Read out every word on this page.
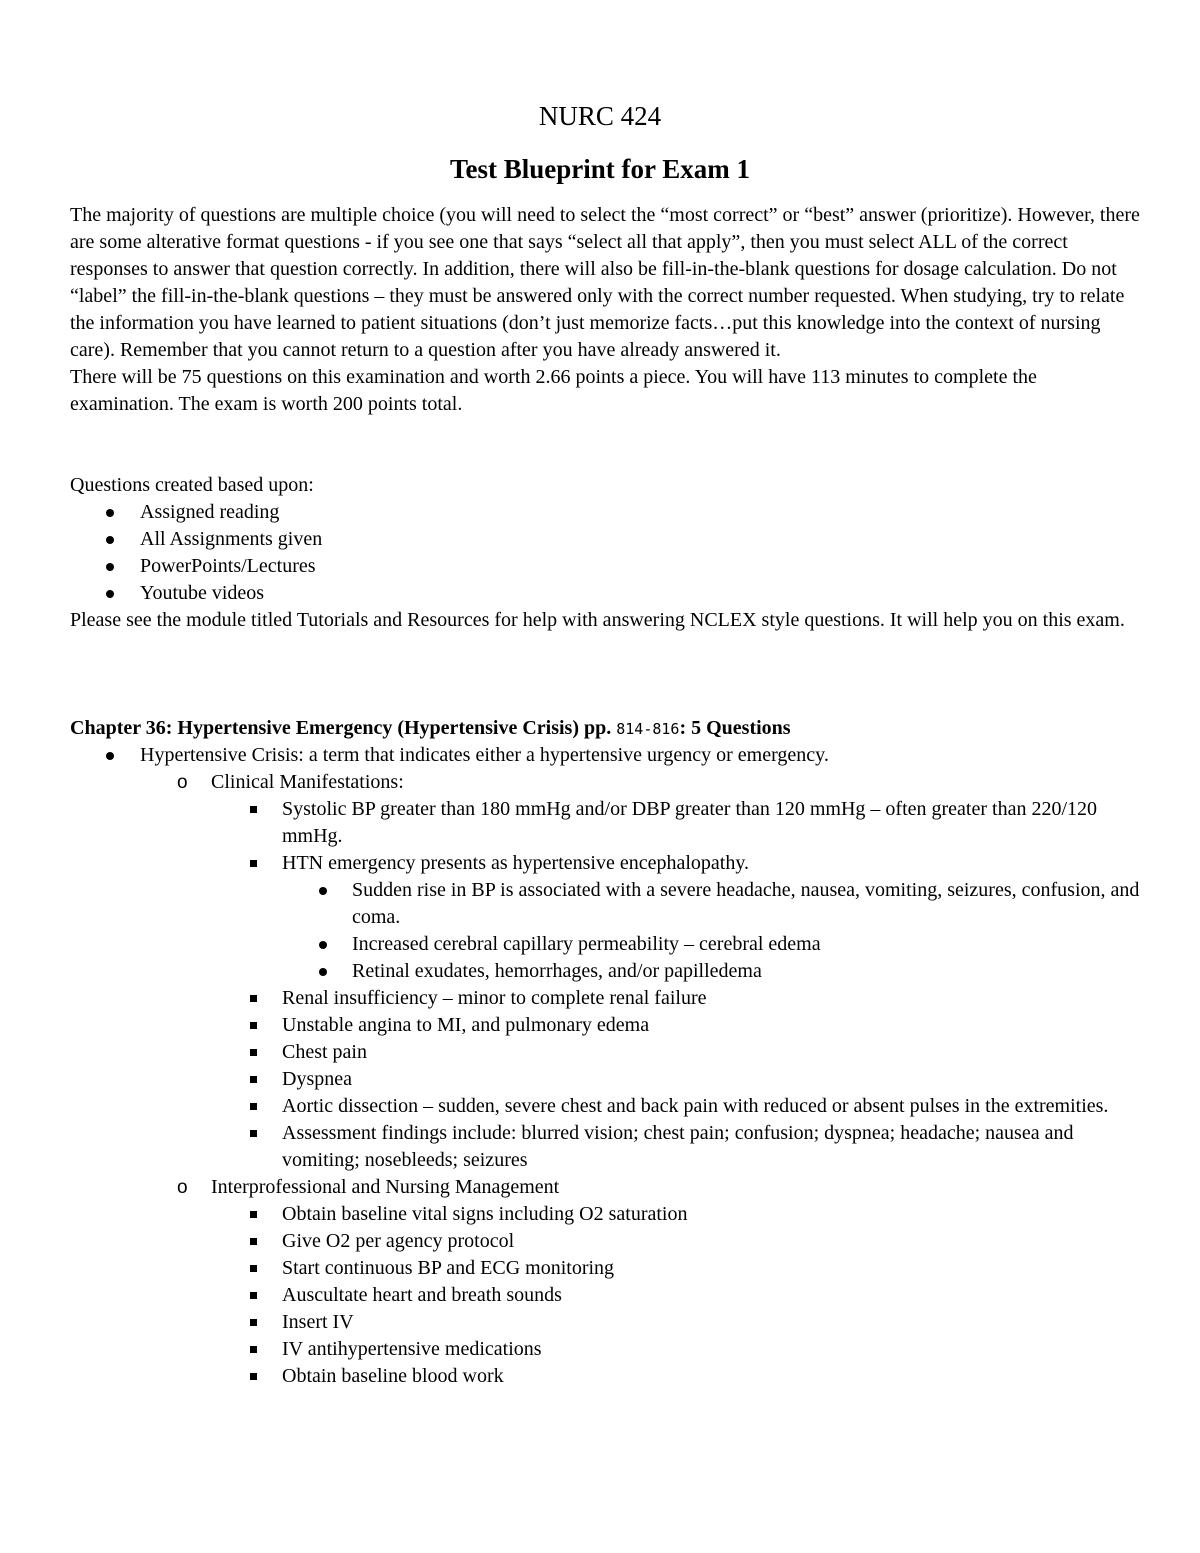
NURC 424
Test Blueprint for Exam 1

The majority of questions are multiple choice (you will need to select the “most correct” or “best” answer (prioritize). However, there are some alterative format questions - if you see one that says “select all that apply”, then you must select ALL of the correct responses to answer that question correctly. In addition, there will also be fill-in-the-blank questions for dosage calculation. Do not “label” the fill-in-the-blank questions – they must be answered only with the correct number requested. When studying, try to relate the information you have learned to patient situations (don’t just memorize facts…put this knowledge into the context of nursing care). Remember that you cannot return to a question after you have already answered it.

There will be 75 questions on this examination and worth 2.66 points a piece. You will have 113 minutes to complete the examination. The exam is worth 200 points total.

Questions created based upon:
Assigned reading
All Assignments given
PowerPoints/Lectures
Youtube videos
Please see the module titled Tutorials and Resources for help with answering NCLEX style questions. It will help you on this exam.
Chapter 36: Hypertensive Emergency (Hypertensive Crisis) pp. 814-816: 5 Questions
Hypertensive Crisis: a term that indicates either a hypertensive urgency or emergency.
o Clinical Manifestations:
Systolic BP greater than 180 mmHg and/or DBP greater than 120 mmHg – often greater than 220/120 mmHg.
HTN emergency presents as hypertensive encephalopathy.
Sudden rise in BP is associated with a severe headache, nausea, vomiting, seizures, confusion, and coma.
Increased cerebral capillary permeability – cerebral edema
Retinal exudates, hemorrhages, and/or papilledema
Renal insufficiency – minor to complete renal failure
Unstable angina to MI, and pulmonary edema
Chest pain
Dyspnea
Aortic dissection – sudden, severe chest and back pain with reduced or absent pulses in the extremities.
Assessment findings include: blurred vision; chest pain; confusion; dyspnea; headache; nausea and vomiting; nosebleeds; seizures
o Interprofessional and Nursing Management
Obtain baseline vital signs including O2 saturation
Give O2 per agency protocol
Start continuous BP and ECG monitoring
Auscultate heart and breath sounds
Insert IV
IV antihypertensive medications
Obtain baseline blood work
